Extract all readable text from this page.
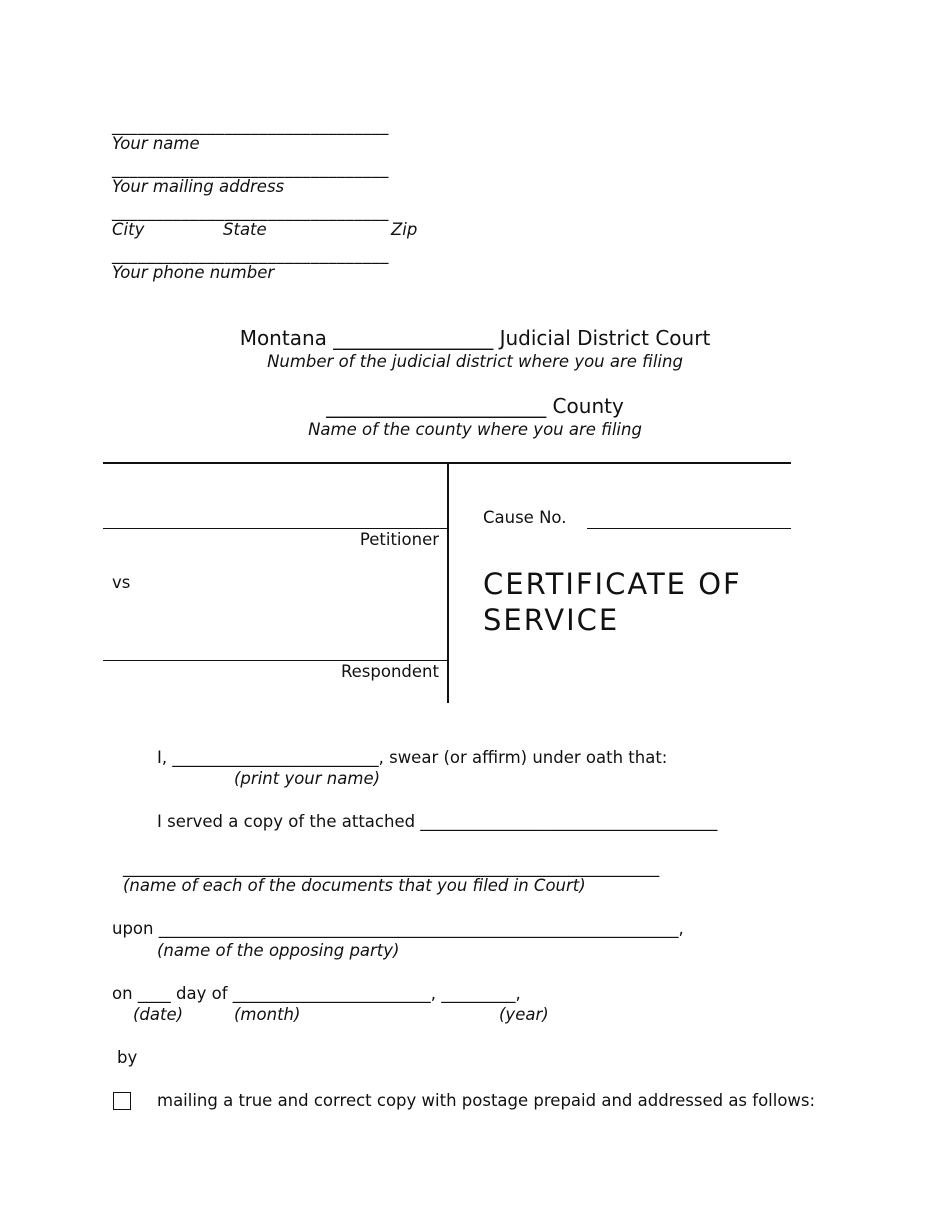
________________________________
Your name
________________________________
Your mailing address
________________________________
City	State	Zip
________________________________
Your phone number
Montana ________________ Judicial District Court
Number of the judicial district where you are filing
______________________ County
Name of the county where you are filing
Petitioner
vs
Respondent
Cause No.
CERTIFICATE OF
SERVICE
I, _________________________, swear (or affirm) under oath that:
(print your name)
I served a copy of the attached ____________________________________
_________________________________________________________________
(name of each of the documents that you filed in Court)
upon _______________________________________________________________,
(name of the opposing party)
on ____ day of ________________________, _________,
(date)	(month)	(year)
by
mailing a true and correct copy with postage prepaid and addressed as follows:
